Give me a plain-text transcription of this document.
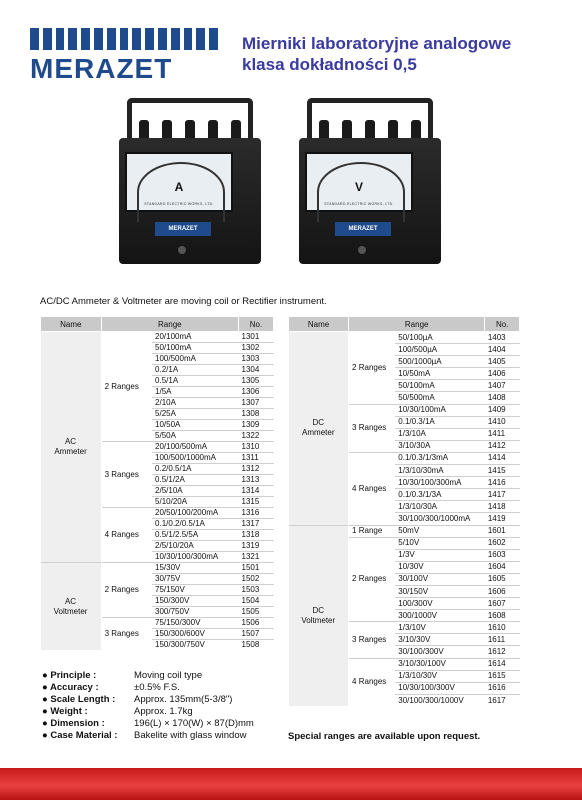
MERAZET
Mierniki laboratoryjne analogowe
klasa dokładności 0,5
A
STANDARD ELECTRIC WORKS, LTD.
MERAZET
V
STANDARD ELECTRIC WORKS, LTD.
MERAZET
AC/DC Ammeter & Voltmeter are moving coil or Rectifier instrument.
Name	Range		No.
AC
Ammeter	2 Ranges	20/100mA	1301
		50/100mA	1302
		100/500mA	1303
		0.2/1A	1304
		0.5/1A	1305
		1/5A	1306
		2/10A	1307
		5/25A	1308
		10/50A	1309
		5/50A	1322
	3 Ranges	20/100/500mA	1310
		100/500/1000mA	1311
		0.2/0.5/1A	1312
		0.5/1/2A	1313
		2/5/10A	1314
		5/10/20A	1315
	4 Ranges	20/50/100/200mA	1316
		0.1/0.2/0.5/1A	1317
		0.5/1/2.5/5A	1318
		2/5/10/20A	1319
		10/30/100/300mA	1321
AC
Voltmeter	2 Ranges	15/30V	1501
		30/75V	1502
		75/150V	1503
		150/300V	1504
		300/750V	1505
	3 Ranges	75/150/300V	1506
		150/300/600V	1507
		150/300/750V	1508
Name	Range		No.
DC
Ammeter	2 Ranges	50/100µA	1403
		100/500µA	1404
		500/1000µA	1405
		10/50mA	1406
		50/100mA	1407
		50/500mA	1408
	3 Ranges	10/30/100mA	1409
		0.1/0.3/1A	1410
		1/3/10A	1411
		3/10/30A	1412
	4 Ranges	0.1/0.3/1/3mA	1414
		1/3/10/30mA	1415
		10/30/100/300mA	1416
		0.1/0.3/1/3A	1417
		1/3/10/30A	1418
		30/100/300/1000mA	1419
DC
Voltmeter	1 Range	50mV	1601
	2 Ranges	5/10V	1602
		1/3V	1603
		10/30V	1604
		30/100V	1605
		30/150V	1606
		100/300V	1607
		300/1000V	1608
	3 Ranges	1/3/10V	1610
		3/10/30V	1611
		30/100/300V	1612
	4 Ranges	3/10/30/100V	1614
		1/3/10/30V	1615
		10/30/100/300V	1616
		30/100/300/1000V	1617
● Principle :	Moving coil type
● Accuracy :	±0.5% F.S.
● Scale Length :	Approx. 135mm(5-3/8")
● Weight :	Approx. 1.7kg
● Dimension :	196(L) × 170(W) × 87(D)mm
● Case Material :	Bakelite with glass window	Special ranges are available upon request.
